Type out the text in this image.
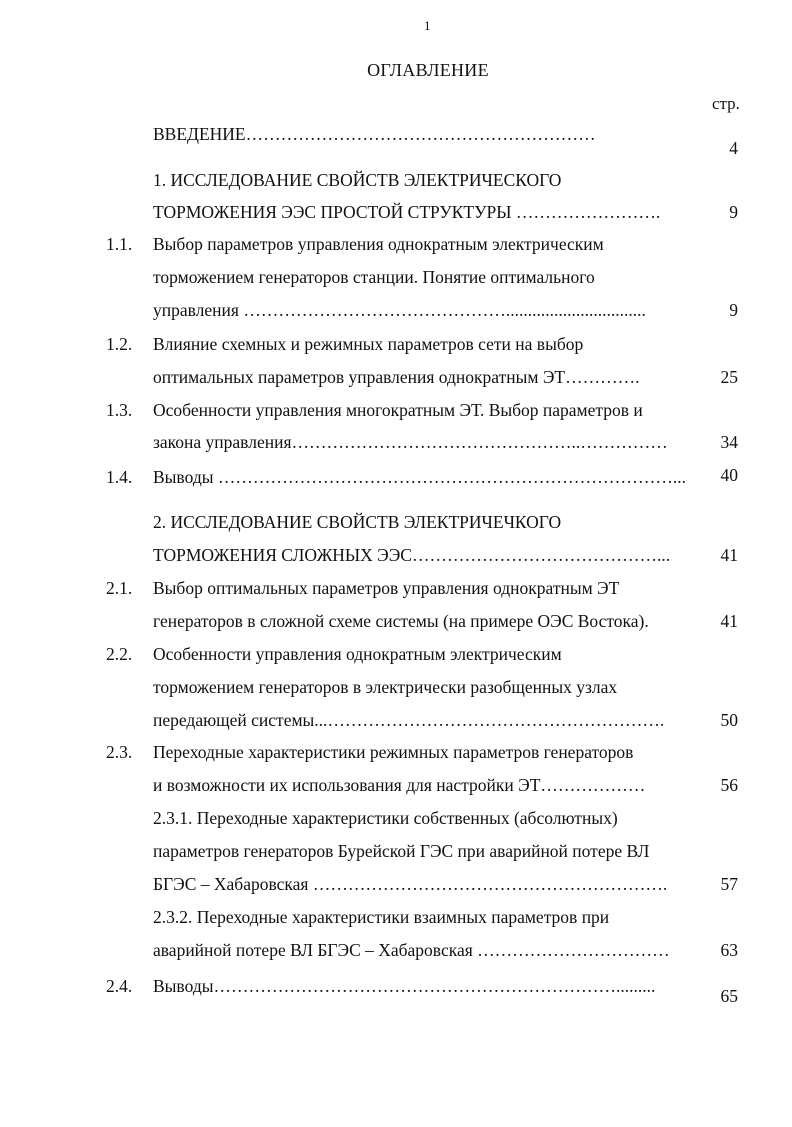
1
ОГЛАВЛЕНИЕ
стр.
ВВЕДЕНИЕ……………………………………………………
4
1. ИССЛЕДОВАНИЕ СВОЙСТВ ЭЛЕКТРИЧЕСКОГО
ТОРМОЖЕНИЯ ЭЭС ПРОСТОЙ СТРУКТУРЫ …………………….	9
1.1. Выбор параметров управления однократным электрическим
торможением генераторов станции. Понятие оптимального
управления ………………………………………................................	9
1.2. Влияние схемных и режимных параметров сети на выбор
оптимальных параметров управления однократным ЭТ………….	25
1.3. Особенности управления многократным ЭТ. Выбор параметров и
закона управления…………………………………………..……………	34
1.4. Выводы ……………………………………………………………………... 40
2. ИССЛЕДОВАНИЕ СВОЙСТВ ЭЛЕКТРИЧЕЧКОГО
ТОРМОЖЕНИЯ СЛОЖНЫХ ЭЭС……………………………………...	41
2.1. Выбор оптимальных параметров управления однократным ЭТ
генераторов в сложной схеме системы (на примере ОЭС Востока).	41
2.2. Особенности управления однократным электрическим
торможением генераторов в электрически разобщенных узлах
передающей системы...………………………………………………….	50
2.3. Переходные характеристики режимных параметров генераторов
и возможности их использования для настройки ЭТ………………	56
2.3.1. Переходные характеристики собственных (абсолютных)
параметров генераторов Бурейской ГЭС при аварийной потере ВЛ
БГЭС – Хабаровская …………………………………………………….	57
2.3.2. Переходные характеристики взаимных параметров при
аварийной потере ВЛ БГЭС – Хабаровская ……………………………	63
2.4. Выводы…………………………………………………………….........	65
